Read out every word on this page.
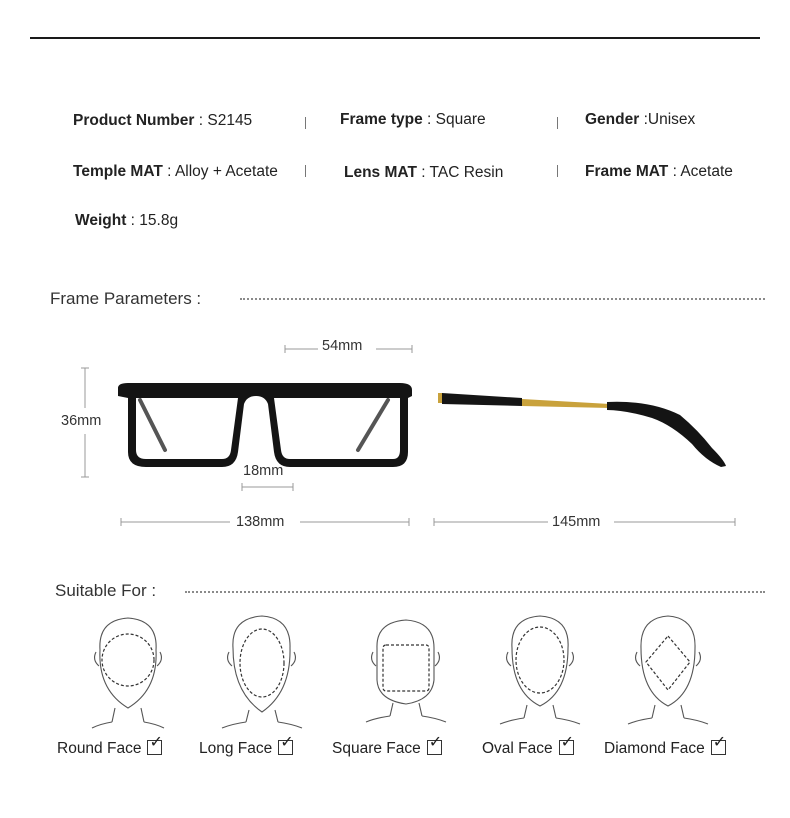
Product Number : S2145	Frame type : Square	Gender :Unisex
Temple MAT : Alloy + Acetate	Lens MAT : TAC Resin	Frame MAT : Acetate
Weight : 15.8g
Frame Parameters :
54mm
36mm
18mm
138mm	145mm
Suitable For :
Round Face ✓ Long Face ✓ Square Face ✓	Oval Face ✓ Diamond Face ✓
